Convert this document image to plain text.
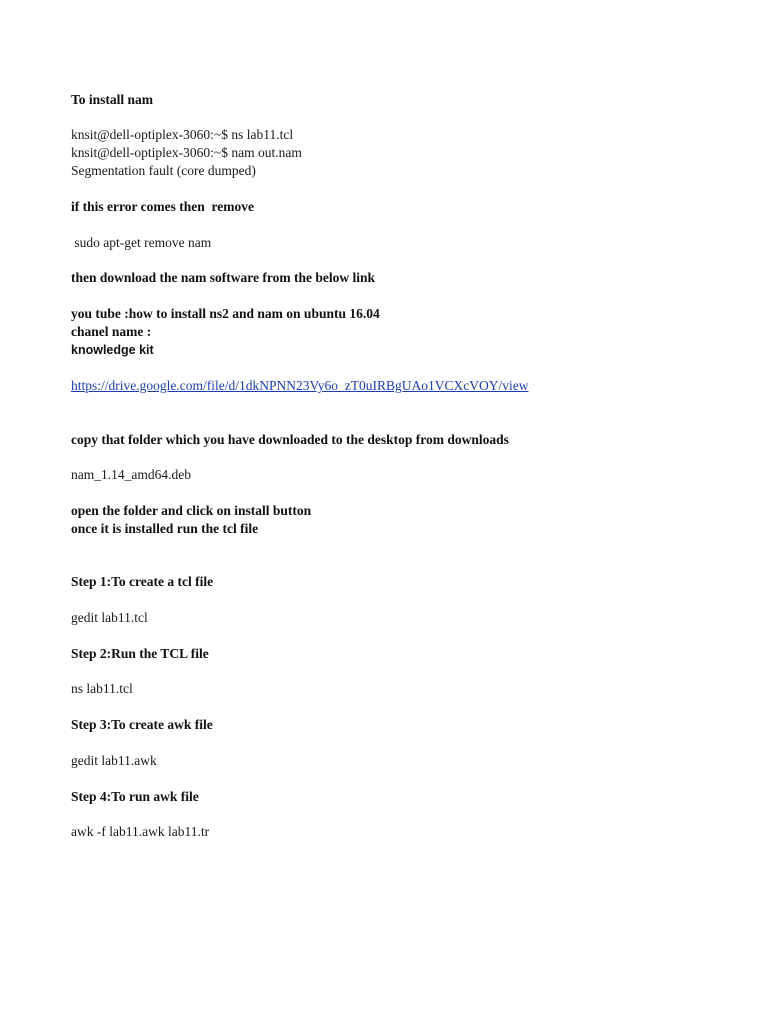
To install nam

knsit@dell-optiplex-3060:~$ ns lab11.tcl

knsit@dell-optiplex-3060:~$ nam out.nam

Segmentation fault (core dumped)

if this error comes then  remove

sudo apt-get remove nam

then download the nam software from the below link

you tube :how to install ns2 and nam on ubuntu 16.04

chanel name :

knowledge kit

https://drive.google.com/file/d/1dkNPNN23Vy6o_zT0uIRBgUAo1VCXcVOY/view

copy that folder which you have downloaded to the desktop from downloads

nam_1.14_amd64.deb

open the folder and click on install button

once it is installed run the tcl file

Step 1:To create a tcl file

gedit lab11.tcl

Step 2:Run the TCL file

ns lab11.tcl

Step 3:To create awk file

gedit lab11.awk

Step 4:To run awk file

awk -f lab11.awk lab11.tr
